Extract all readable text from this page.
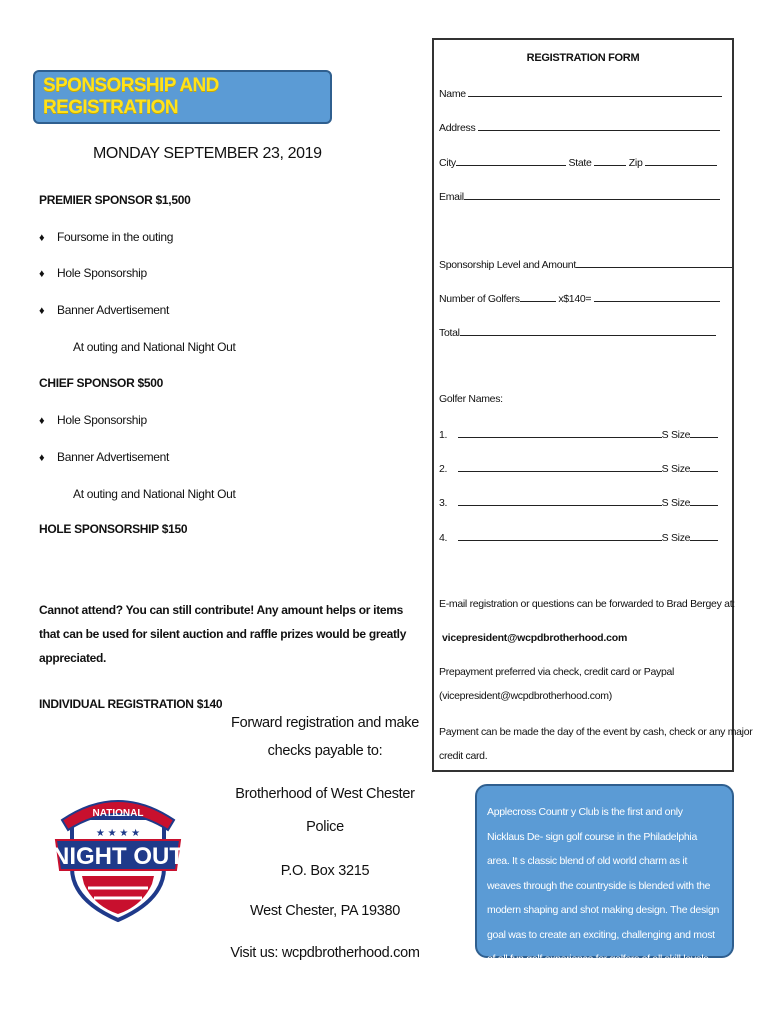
SPONSORSHIP AND REGISTRATION
MONDAY SEPTEMBER 23, 2019
PREMIER SPONSOR $1,500
♦ Foursome in the outing
♦ Hole Sponsorship
♦ Banner Advertisement
At outing and National Night Out
CHIEF SPONSOR $500
♦ Hole Sponsorship
♦ Banner Advertisement
At outing and National Night Out
HOLE SPONSORSHIP $150
Cannot attend? You can still contribute! Any amount helps or items that can be used for silent auction and raffle prizes would be greatly appreciated.
INDIVIDUAL REGISTRATION $140
Forward registration and make checks payable to:
Brotherhood of West Chester
Police
P.O. Box 3215
West Chester, PA 19380
Visit us: wcpdbrotherhood.com
NATIONAL
★ ★ ★ ★
NIGHT OUT
REGISTRATION FORM
Name
Address
City	State	Zip
Email
Sponsorship Level and Amount
Number of Golfers	x$140=
Total
Golfer Names:
1.	S Size
2.	S Size
3.	S Size
4.	S Size
E-mail registration or questions can be forwarded to Brad Bergey at:
vicepresident@wcpdbrotherhood.com
Prepayment preferred via check, credit card or Paypal
(vicepresident@wcpdbrotherhood.com)
Payment can be made the day of the event by cash, check or any major
credit card.
Applecross Countr y Club is the first and only Nicklaus De- sign golf course in the Philadelphia area. It s classic blend of old world charm as it weaves through the countryside is blended with the modern shaping and shot making design. The design goal was to create an exciting, challenging and most of all fun golf experience for golfers of all skill levels.
